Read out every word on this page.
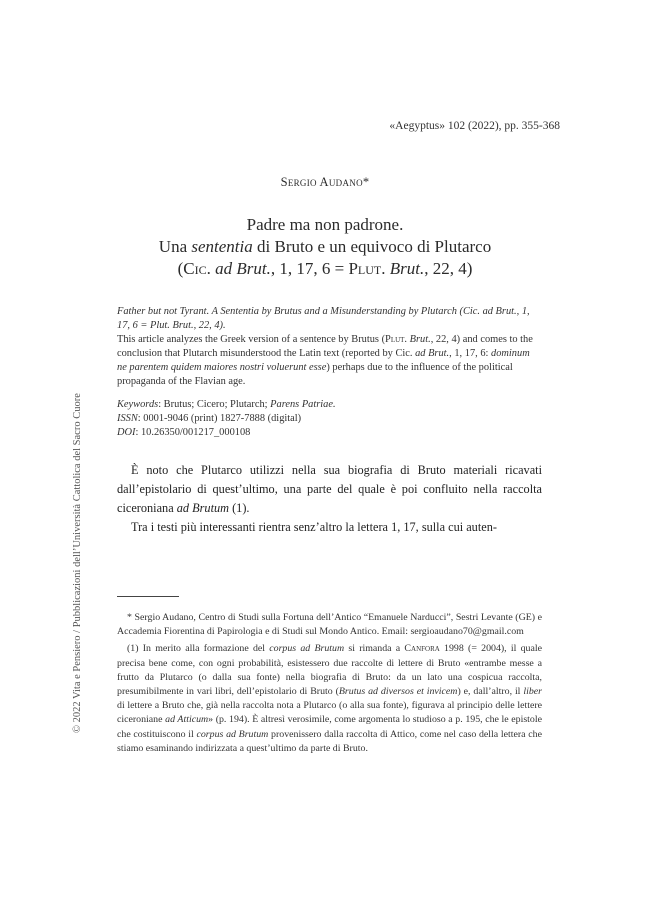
«Aegyptus» 102 (2022), pp. 355-368
Sergio Audano*
Padre ma non padrone.
Una sententia di Bruto e un equivoco di Plutarco
(Cic. ad Brut., 1, 17, 6 = Plut. Brut., 22, 4)

Father but not Tyrant. A Sententia by Brutus and a Misunderstanding by Plutarch (Cic. ad Brut., 1, 17, 6 = Plut. Brut., 22, 4).

This article analyzes the Greek version of a sentence by Brutus (Plut. Brut., 22, 4) and comes to the conclusion that Plutarch misunderstood the Latin text (reported by Cic. ad Brut., 1, 17, 6: dominum ne parentem quidem maiores nostri voluerunt esse) perhaps due to the influence of the political propaganda of the Flavian age.

Keywords: Brutus; Cicero; Plutarch; Parens Patriae.
ISSN: 0001-9046 (print) 1827-7888 (digital)
DOI: 10.26350/001217_000108

È noto che Plutarco utilizzi nella sua biografia di Bruto materiali ricavati dall’epistolario di quest’ultimo, una parte del quale è poi confluito nella raccolta ciceroniana ad Brutum (1).

Tra i testi più interessanti rientra senz’altro la lettera 1, 17, sulla cui auten-

* Sergio Audano, Centro di Studi sulla Fortuna dell’Antico “Emanuele Narducci”, Sestri Levante (GE) e Accademia Fiorentina di Papirologia e di Studi sul Mondo Antico. Email: sergioaudano70@gmail.com

(1) In merito alla formazione del corpus ad Brutum si rimanda a Canfora 1998 (= 2004), il quale precisa bene come, con ogni probabilità, esistessero due raccolte di lettere di Bruto «entrambe messe a frutto da Plutarco (o dalla sua fonte) nella biografia di Bruto: da un lato una cospicua raccolta, presumibilmente in vari libri, dell’epistolario di Bruto (Brutus ad diversos et invicem) e, dall’altro, il liber di lettere a Bruto che, già nella raccolta nota a Plutarco (o alla sua fonte), figurava al principio delle lettere ciceroniane ad Atticum» (p. 194). È altresì verosimile, come argomenta lo studioso a p. 195, che le epistole che costituiscono il corpus ad Brutum provenissero dalla raccolta di Attico, come nel caso della lettera che stiamo esaminando indirizzata a quest’ultimo da parte di Bruto.

© 2022 Vita e Pensiero / Pubblicazioni dell’Università Cattolica del Sacro Cuore
